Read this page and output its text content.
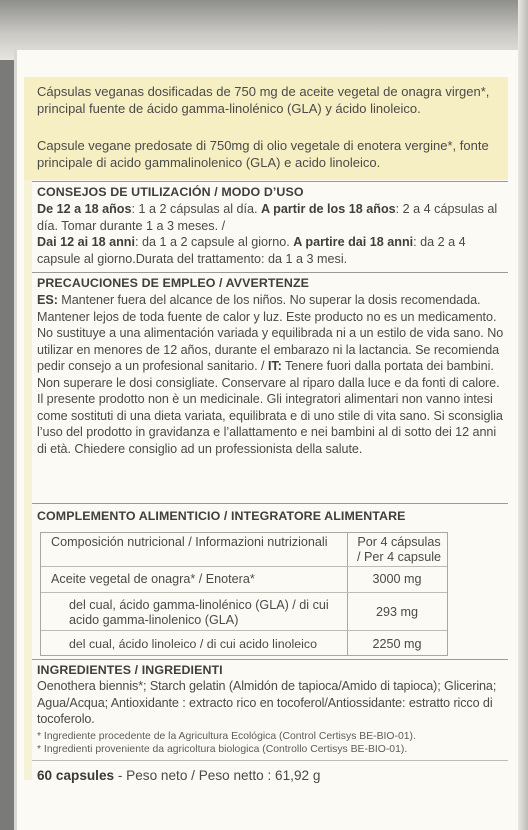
Cápsulas veganas dosificadas de 750 mg de aceite vegetal de onagra virgen*, principal fuente de ácido gamma-linolénico (GLA) y ácido linoleico.

Capsule vegane predosate di 750mg di olio vegetale di enotera vergine*, fonte principale di acido gammalinolenico (GLA) e acido linoleico.

CONSEJOS DE UTILIZACIÓN / MODO D’USO
De 12 a 18 años: 1 a 2 cápsulas al día. A partir de los 18 años: 2 a 4 cápsulas al día. Tomar durante 1 a 3 meses. /
Dai 12 ai 18 anni: da 1 a 2 capsule al giorno. A partire dai 18 anni: da 2 a 4 capsule al giorno.Durata del trattamento: da 1 a 3 mesi.
PRECAUCIONES DE EMPLEO / AVVERTENZE
ES: Mantener fuera del alcance de los niños. No superar la dosis recomendada. Mantener lejos de toda fuente de calor y luz. Este producto no es un medicamento. No sustituye a una alimentación variada y equilibrada ni a un estilo de vida sano. No utilizar en menores de 12 años, durante el embarazo ni la lactancia. Se recomienda pedir consejo a un profesional sanitario. / IT: Tenere fuori dalla portata dei bambini. Non superare le dosi consigliate. Conservare al riparo dalla luce e da fonti di calore. Il presente prodotto non è un medicinale. Gli integratori alimentari non vanno intesi come sostituti di una dieta variata, equilibrata e di uno stile di vita sano. Si sconsiglia l’uso del prodotto in gravidanza e l’allattamento e nei bambini al di sotto dei 12 anni di età. Chiedere consiglio ad un professionista della salute.
COMPLEMENTO ALIMENTICIO / INTEGRATORE ALIMENTARE
Composición nutricional / Informazioni nutrizionali Por 4 cápsulas / Per 4 capsule
Aceite vegetal de onagra* / Enotera*	3000 mg
del cual, ácido gamma-linolénico (GLA) / di cui acido gamma-linolenico (GLA)
293 mg
del cual, ácido linoleico / di cui acido linoleico	2250 mg
INGREDIENTES / INGREDIENTI

Oenothera biennis*; Starch gelatin (Almidón de tapioca/Amido di tapioca); Glicerina; Agua/Acqua; Antioxidante : extracto rico en tocoferol/Antiossidante: estratto ricco di tocoferolo.

* Ingrediente procedente de la Agricultura Ecológica (Control Certisys BE-BIO-01).
* Ingredienti proveniente da agricoltura biologica (Controllo Certisys BE-BIO-01).
60 capsules - Peso neto / Peso netto : 61,92 g
